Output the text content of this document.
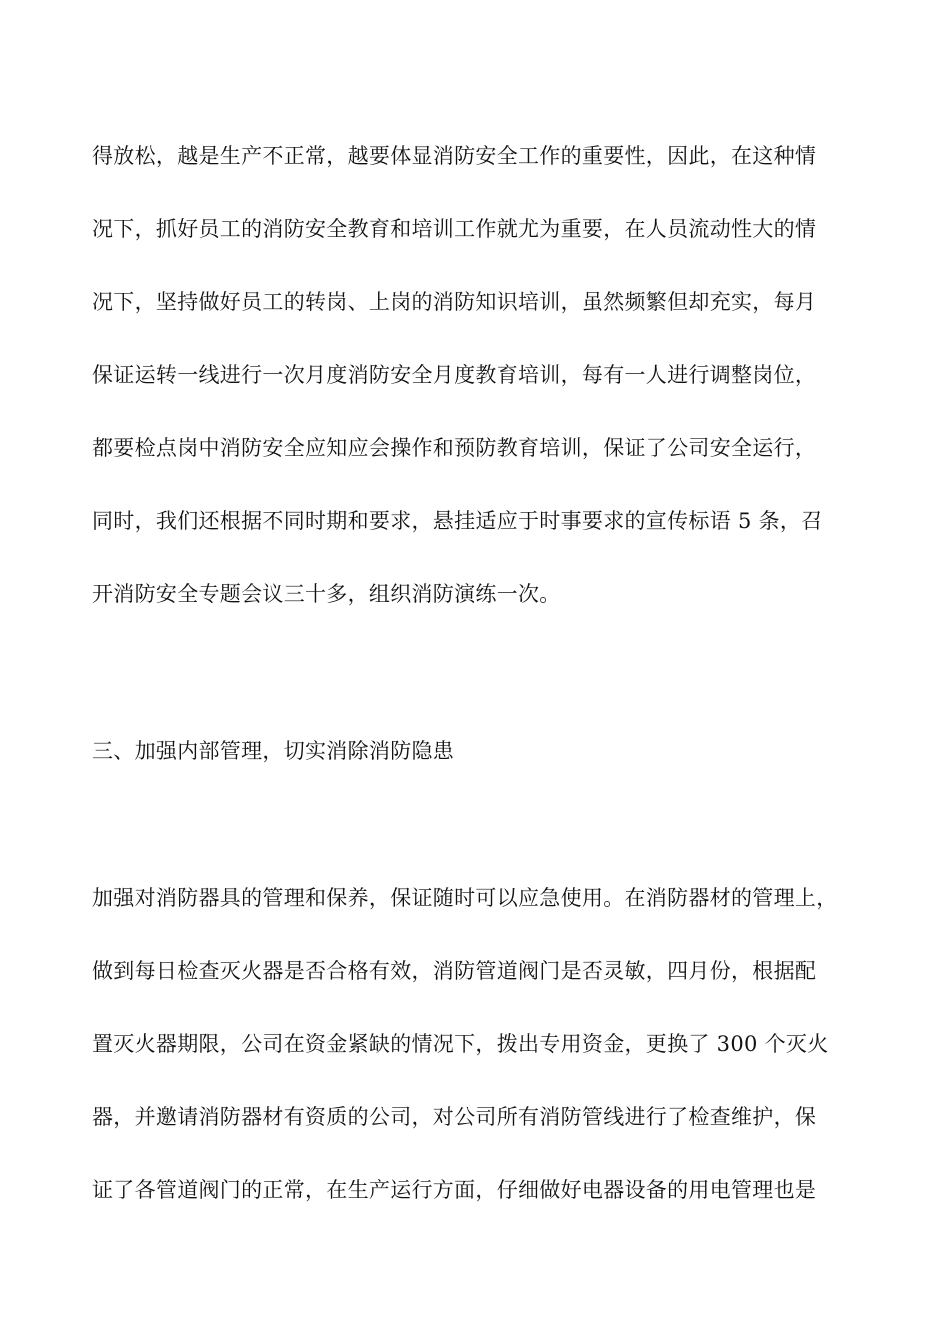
得放松，越是生产不正常，越要体显消防安全工作的重要性，因此，在这种情
况下，抓好员工的消防安全教育和培训工作就尤为重要，在人员流动性大的情
况下，坚持做好员工的转岗、上岗的消防知识培训，虽然频繁但却充实，每月
保证运转一线进行一次月度消防安全月度教育培训，每有一人进行调整岗位，
都要检点岗中消防安全应知应会操作和预防教育培训，保证了公司安全运行，
同时，我们还根据不同时期和要求，悬挂适应于时事要求的宣传标语 5 条，召
开消防安全专题会议三十多，组织消防演练一次。
三、加强内部管理，切实消除消防隐患
加强对消防器具的管理和保养，保证随时可以应急使用。在消防器材的管理上，
做到每日检查灭火器是否合格有效，消防管道阀门是否灵敏，四月份，根据配
置灭火器期限，公司在资金紧缺的情况下，拨出专用资金，更换了 300 个灭火
器，并邀请消防器材有资质的公司，对公司所有消防管线进行了检查维护，保
证了各管道阀门的正常，在生产运行方面，仔细做好电器设备的用电管理也是
